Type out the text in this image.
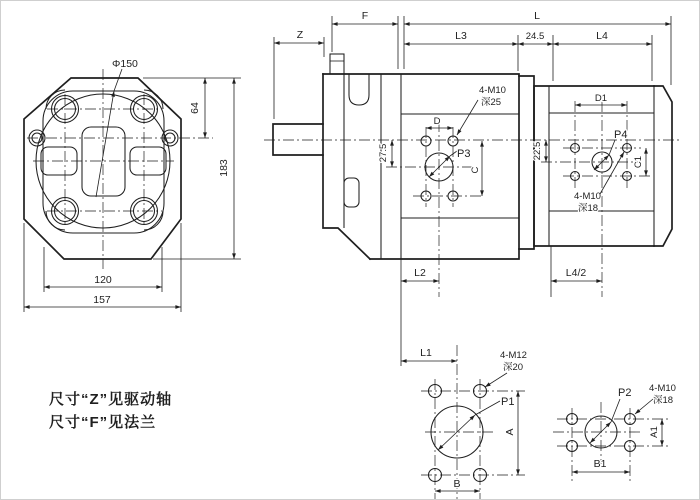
Φ150
64
183
120
157
P3
4-M10
深25
D
C
27.5
P4
4-M10
深18
D1
22.5
C1
Z
F	L
L3	24.5	L4
L2	L4/2
L1
P1
4-M12
深20
A
B
P2 4-M10
深18
A1
B1
尺寸“Z”见驱动轴
尺寸“F”见法兰
